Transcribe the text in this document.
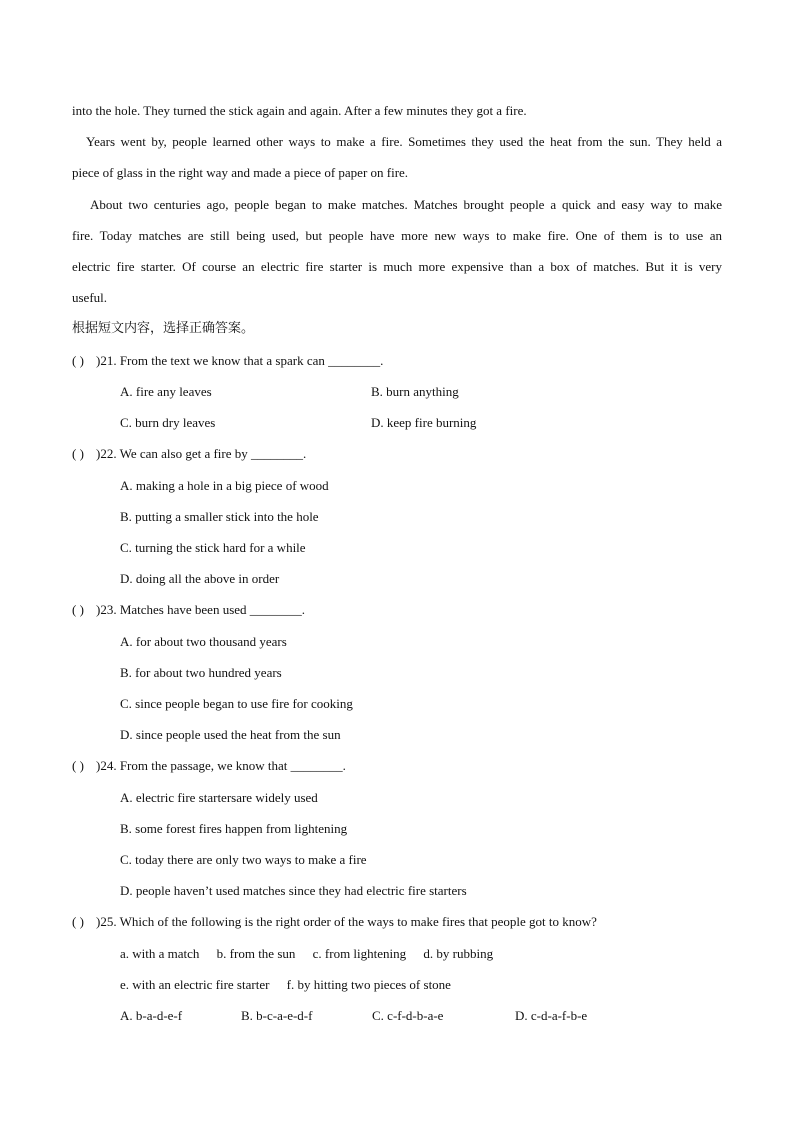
into the hole. They turned the stick again and again. After a few minutes they got a fire.
Years went by, people learned other ways to make a fire. Sometimes they used the heat from the sun. They held a
piece of glass in the right way and made a piece of paper on fire.
About two centuries ago, people began to make matches. Matches brought people a quick and easy way to make
fire. Today matches are still being used, but people have more new ways to make fire. One of them is to use an
electric fire starter. Of course an electric fire starter is much more expensive than a box of matches. But it is very
useful.
根据短文内容，选择正确答案。
( ) )21. From the text we know that a spark can ________.
A. fire any leaves	B. burn anything
C. burn dry leaves	D. keep fire burning
( ) )22. We can also get a fire by ________.
A. making a hole in a big piece of wood
B. putting a smaller stick into the hole
C. turning the stick hard for a while
D. doing all the above in order
( ) )23. Matches have been used ________.
A. for about two thousand years
B. for about two hundred years
C. since people began to use fire for cooking
D. since people used the heat from the sun
( ) )24. From the passage, we know that ________.
A. electric fire startersare widely used
B. some forest fires happen from lightening
C. today there are only two ways to make a fire
D. people haven’t used matches since they had electric fire starters
( ) )25. Which of the following is the right order of the ways to make fires that people got to know?
a. with a match b. from the sun c. from lightening d. by rubbing
e. with an electric fire starter f. by hitting two pieces of stone
A. b-a-d-e-f	B. b-c-a-e-d-f	C. c-f-d-b-a-e	D. c-d-a-f-b-e
